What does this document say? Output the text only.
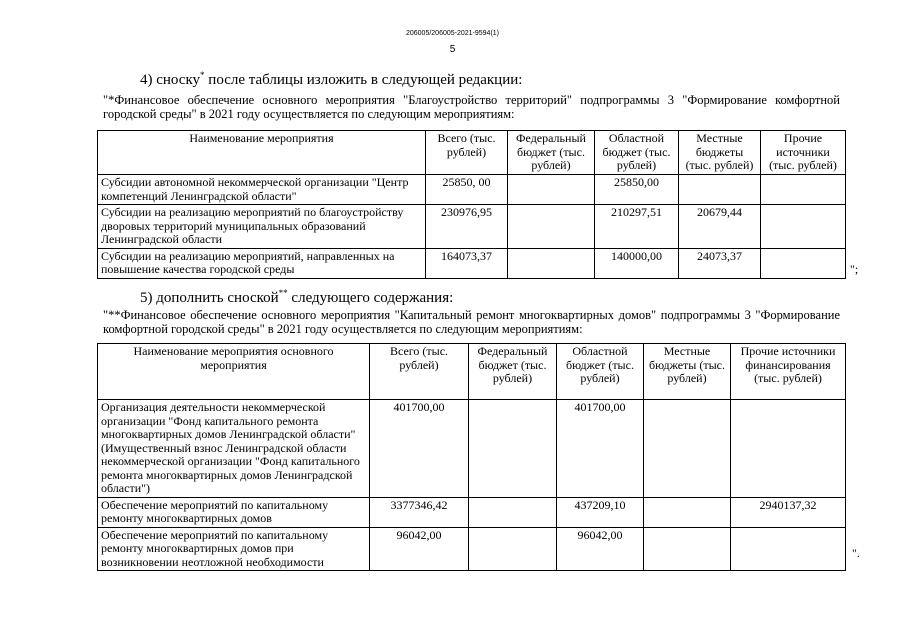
206005/206005-2021-9594(1)
5
4) сноску* после таблицы изложить в следующей редакции:
"*Финансовое обеспечение основного мероприятия "Благоустройство территорий" подпрограммы 3 "Формирование комфортной городской среды" в 2021 году осуществляется по следующим мероприятиям:
Наименование мероприятия	Всего (тыс. рублей)	Федеральный бюджет (тыс. рублей)	Областной бюджет (тыс. рублей)	Местные бюджеты (тыс. рублей)	Прочие источники (тыс. рублей)
Субсидии автономной некоммерческой организации "Центр компетенций Ленинградской области"	25850, 00		25850,00		
Субсидии на реализацию мероприятий по благоустройству дворовых территорий муниципальных образований Ленинградской области	230976,95		210297,51	20679,44	
Субсидии на реализацию мероприятий, направленных на повышение качества городской среды	164073,37		140000,00	24073,37	
";
5) дополнить сноской** следующего содержания:
"**Финансовое обеспечение основного мероприятия "Капитальный ремонт многоквартирных домов" подпрограммы 3 "Формирование комфортной городской среды" в 2021 году осуществляется по следующим мероприятиям:
Наименование мероприятия основного мероприятия	Всего (тыс. рублей)	Федеральный бюджет (тыс. рублей)	Областной бюджет (тыс. рублей)	Местные бюджеты (тыс. рублей)	Прочие источники финансирования (тыс. рублей)
Организация деятельности некоммерческой организации "Фонд капитального ремонта многоквартирных домов Ленинградской области" (Имущественный взнос Ленинградской области некоммерческой организации "Фонд капитального ремонта многоквартирных домов Ленинградской области")	401700,00		401700,00		
Обеспечение мероприятий по капитальному ремонту многоквартирных домов	3377346,42		437209,10		2940137,32
Обеспечение мероприятий по капитальному ремонту многоквартирных домов при возникновении неотложной необходимости	96042,00		96042,00		
".
